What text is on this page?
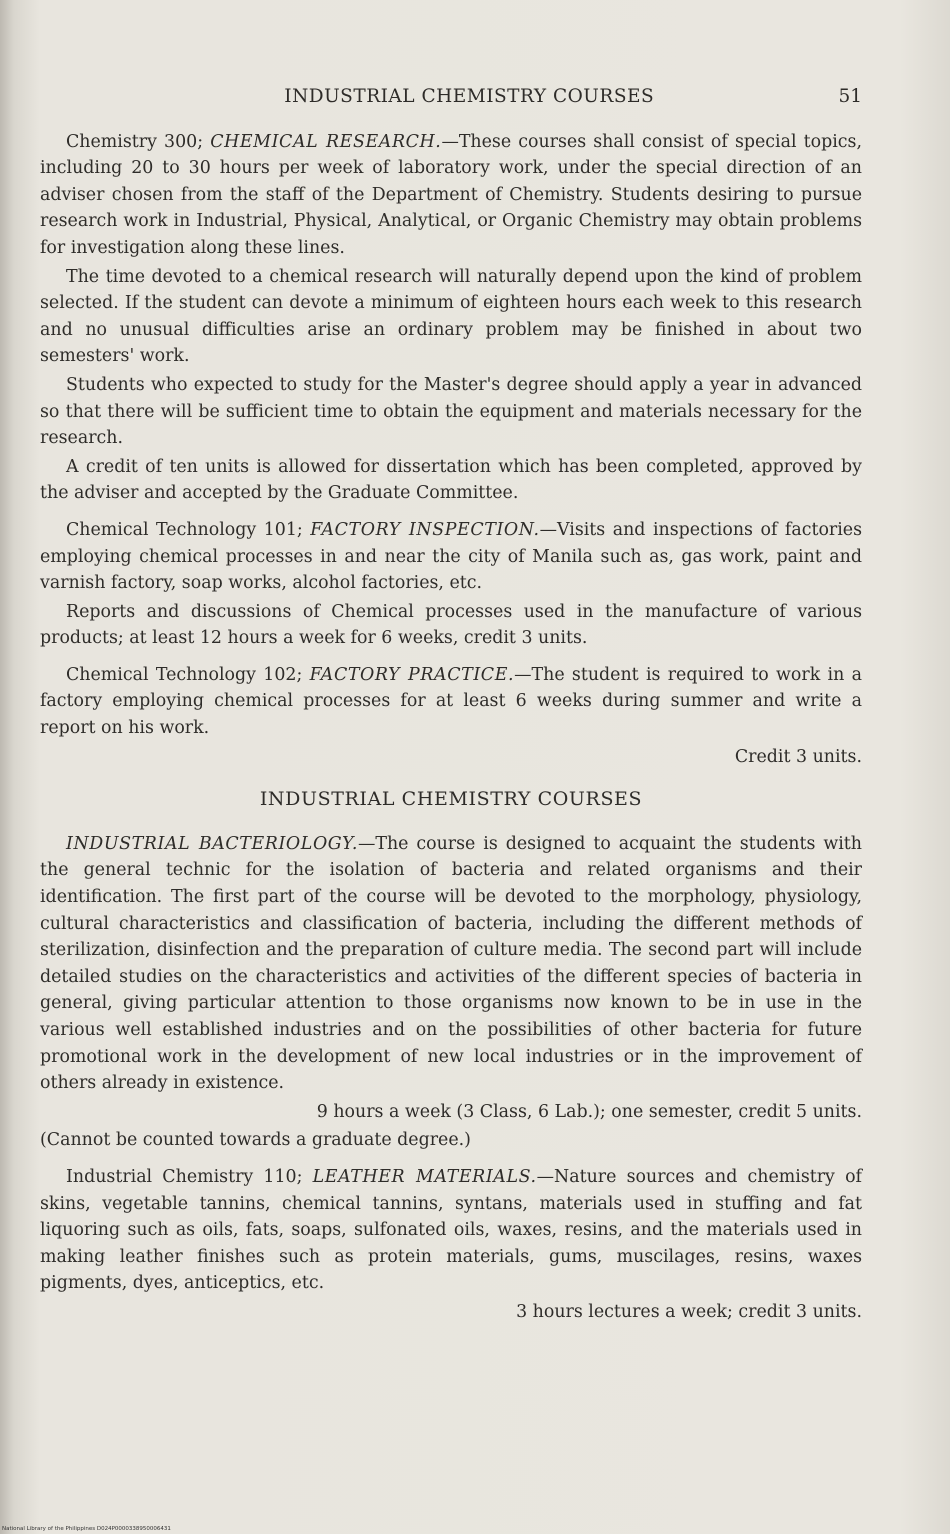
INDUSTRIAL CHEMISTRY COURSES	51

Chemistry 300; CHEMICAL RESEARCH.—These courses shall consist of special topics, including 20 to 30 hours per week of laboratory work, under the special direction of an adviser chosen from the staff of the Department of Chemistry. Students desiring to pursue research work in Industrial, Physical, Analytical, or Organic Chemistry may obtain problems for investigation along these lines.

The time devoted to a chemical research will naturally depend upon the kind of problem selected. If the student can devote a minimum of eighteen hours each week to this research and no unusual difficulties arise an ordinary problem may be finished in about two semesters' work.

Students who expected to study for the Master's degree should apply a year in advanced so that there will be sufficient time to obtain the equipment and materials necessary for the research.

A credit of ten units is allowed for dissertation which has been completed, approved by the adviser and accepted by the Graduate Committee.

Chemical Technology 101; FACTORY INSPECTION.—Visits and inspections of factories employing chemical processes in and near the city of Manila such as, gas work, paint and varnish factory, soap works, alcohol factories, etc.

Reports and discussions of Chemical processes used in the manufacture of various products; at least 12 hours a week for 6 weeks, credit 3 units.

Chemical Technology 102; FACTORY PRACTICE.—The student is required to work in a factory employing chemical processes for at least 6 weeks during summer and write a report on his work.

Credit 3 units.

INDUSTRIAL CHEMISTRY COURSES

INDUSTRIAL BACTERIOLOGY.—The course is designed to acquaint the students with the general technic for the isolation of bacteria and related organisms and their identification. The first part of the course will be devoted to the morphology, physiology, cultural characteristics and classification of bacteria, including the different methods of sterilization, disinfection and the preparation of culture media. The second part will include detailed studies on the characteristics and activities of the different species of bacteria in general, giving particular attention to those organisms now known to be in use in the various well established industries and on the possibilities of other bacteria for future promotional work in the development of new local industries or in the improvement of others already in existence.

9 hours a week (3 Class, 6 Lab.); one semester, credit 5 units.

(Cannot be counted towards a graduate degree.)

Industrial Chemistry 110; LEATHER MATERIALS.—Nature sources and chemistry of skins, vegetable tannins, chemical tannins, syntans, materials used in stuffing and fat liquoring such as oils, fats, soaps, sulfonated oils, waxes, resins, and the materials used in making leather finishes such as protein materials, gums, muscilages, resins, waxes pigments, dyes, anticeptics, etc.

3 hours lectures a week; credit 3 units.

National Library of the Philippines D024P0000338950006431
